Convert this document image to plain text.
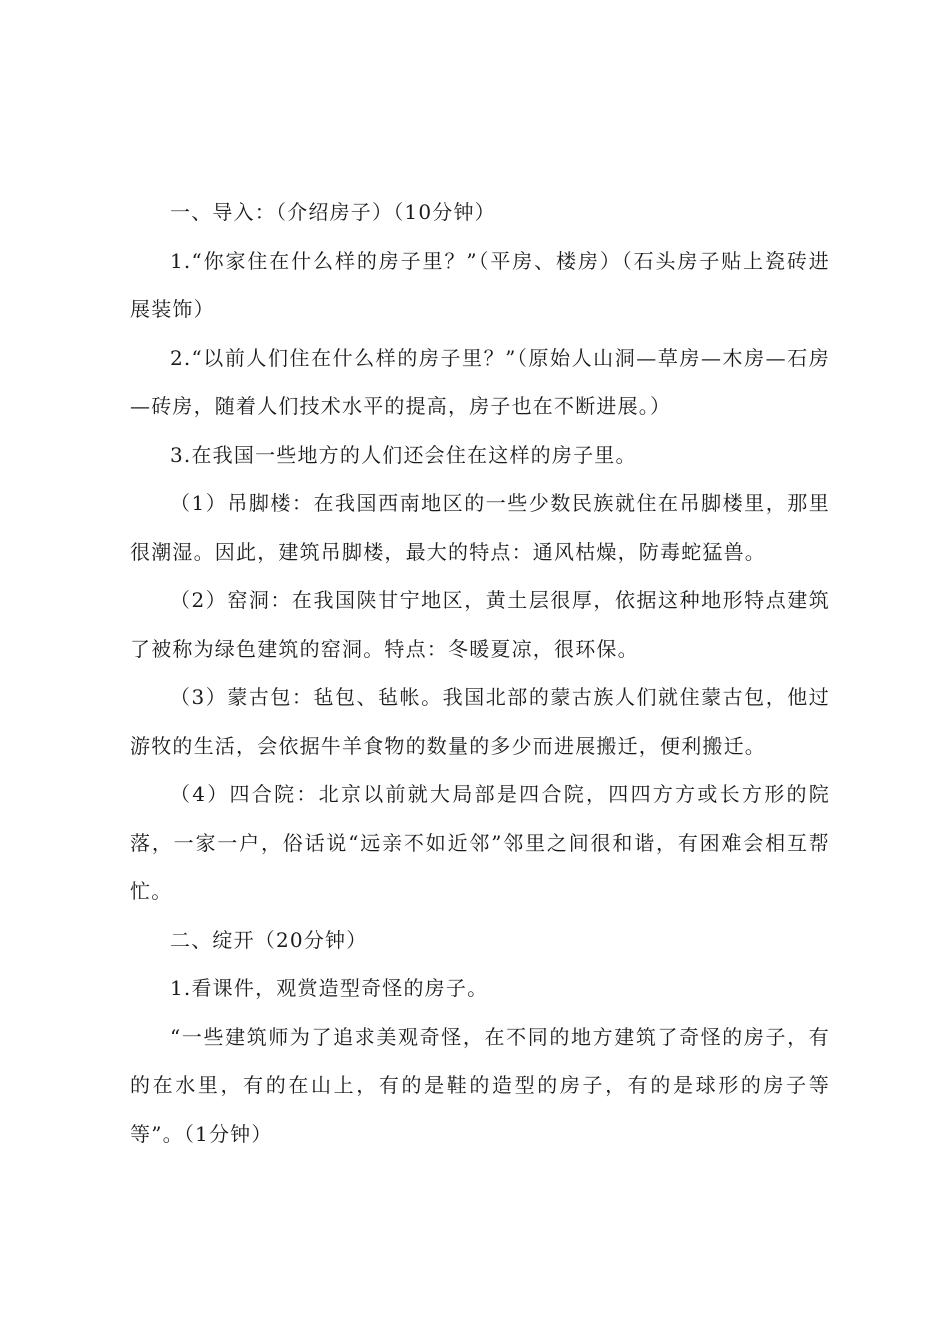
一、导入：（介绍房子）（10分钟）

1.“你家住在什么样的房子里？”（平房、楼房）（石头房子贴上瓷砖进展装饰）

2.“以前人们住在什么样的房子里？”（原始人山洞—草房—木房—石房—砖房，随着人们技术水平的提高，房子也在不断进展。）

3.在我国一些地方的人们还会住在这样的房子里。

（1）吊脚楼：在我国西南地区的一些少数民族就住在吊脚楼里，那里很潮湿。因此，建筑吊脚楼，最大的特点：通风枯燥，防毒蛇猛兽。

（2）窑洞：在我国陕甘宁地区，黄土层很厚，依据这种地形特点建筑了被称为绿色建筑的窑洞。特点：冬暖夏凉，很环保。

（3）蒙古包：毡包、毡帐。我国北部的蒙古族人们就住蒙古包，他过游牧的生活，会依据牛羊食物的数量的多少而进展搬迁，便利搬迁。

（4）四合院：北京以前就大局部是四合院，四四方方或长方形的院落，一家一户，俗话说“远亲不如近邻”邻里之间很和谐，有困难会相互帮忙。

二、绽开（20分钟）

1.看课件，观赏造型奇怪的房子。

“一些建筑师为了追求美观奇怪，在不同的地方建筑了奇怪的房子，有的在水里，有的在山上，有的是鞋的造型的房子，有的是球形的房子等等”。（1分钟）
